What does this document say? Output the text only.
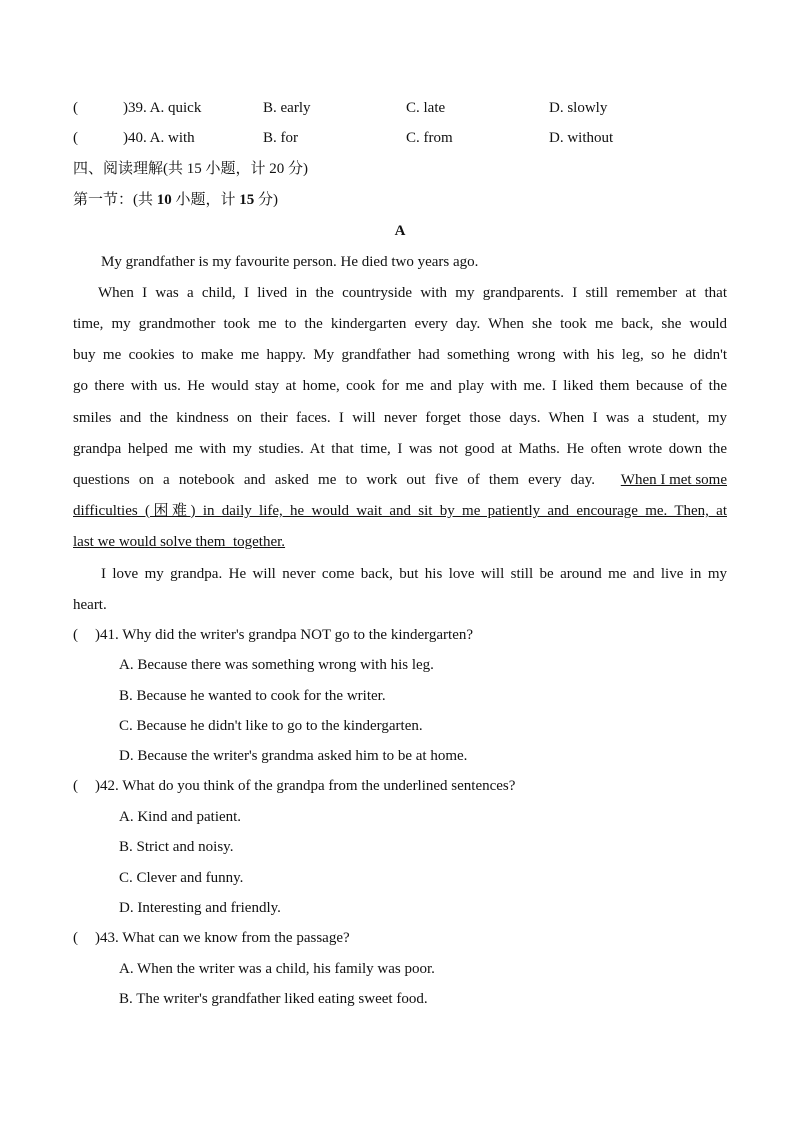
(	)39. A. quick	B. early	C. late	D. slowly
(	)40. A. with	B. for	C. from	D. without
四、阅读理解(共 15 小题，计 20 分)
第一节：(共 10 小题，计 15 分)
A
My grandfather is my favourite person. He died two years ago.
When I was a child, I lived in the countryside with my grandparents. I still remember at that
time, my grandmother took me to the kindergarten every day. When she took me back, she would
buy me cookies to make me happy. My grandfather had something wrong with his leg, so he didn't
go there with us. He would stay at home, cook for me and play with me. I liked them because of the
smiles and the kindness on their faces. I will never forget those days. When I was a student, my
grandpa helped me with my studies. At that time, I was not good at Maths. He often wrote down the
questions on a notebook and asked me to work out five of them every day. When I met some
difficulties (困难) in daily life, he would wait and sit by me patiently and encourage me. Then, at
last we would solve them  together.
I love my grandpa. He will never come back, but his love will still be around me and live in my
heart.
( )41. Why did the writer's grandpa NOT go to the kindergarten?
A. Because there was something wrong with his leg.
B. Because he wanted to cook for the writer.
C. Because he didn't like to go to the kindergarten.
D. Because the writer's grandma asked him to be at home.
( )42. What do you think of the grandpa from the underlined sentences?
A. Kind and patient.
B. Strict and noisy.
C. Clever and funny.
D. Interesting and friendly.
( )43. What can we know from the passage?
A. When the writer was a child, his family was poor.
B. The writer's grandfather liked eating sweet food.
